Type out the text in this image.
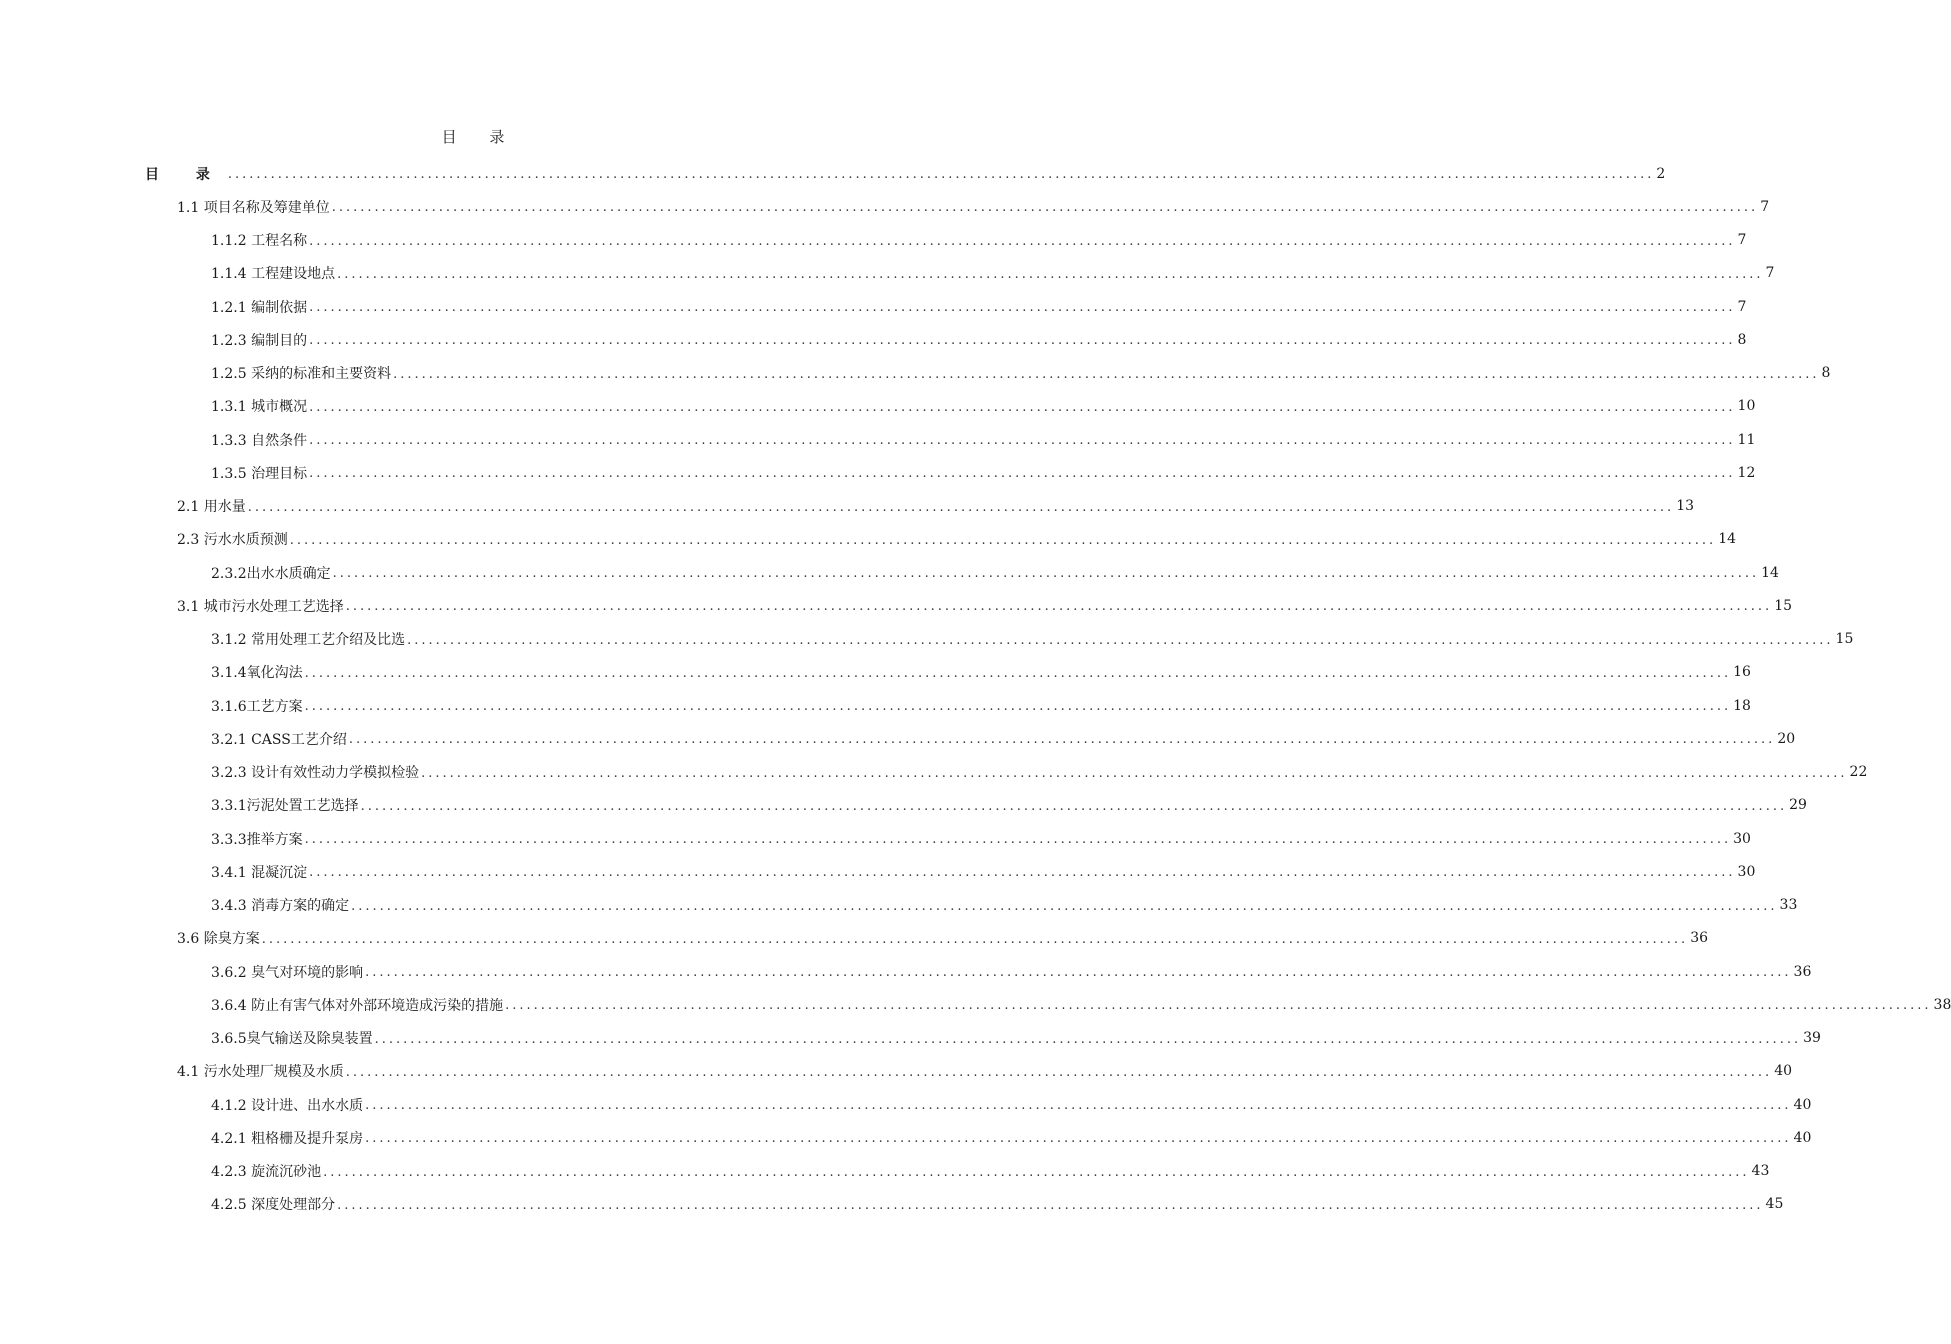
目 录
目 录 ........................................................................................................................................................................................................ 2
1.1 项目名称及筹建单位 ........................................................................................................................................................................................................ 7
1.1.2 工程名称 ........................................................................................................................................................................................................ 7
1.1.4 工程建设地点 ........................................................................................................................................................................................................ 7
1.2.1 编制依据 ........................................................................................................................................................................................................ 7
1.2.3 编制目的 ........................................................................................................................................................................................................ 8
1.2.5 采纳的标准和主要资料 ........................................................................................................................................................................................................ 8
1.3.1 城市概况 ........................................................................................................................................................................................................ 10
1.3.3 自然条件 ........................................................................................................................................................................................................ 11
1.3.5 治理目标 ........................................................................................................................................................................................................ 12
2.1 用水量 ........................................................................................................................................................................................................ 13
2.3 污水水质预测 ........................................................................................................................................................................................................ 14
2.3.2出水水质确定 ........................................................................................................................................................................................................ 14
3.1 城市污水处理工艺选择 ........................................................................................................................................................................................................ 15
3.1.2 常用处理工艺介绍及比选 ........................................................................................................................................................................................................ 15
3.1.4氧化沟法 ........................................................................................................................................................................................................ 16
3.1.6工艺方案 ........................................................................................................................................................................................................ 18
3.2.1 CASS工艺介绍 ........................................................................................................................................................................................................ 20
3.2.3 设计有效性动力学模拟检验 ........................................................................................................................................................................................................ 22
3.3.1污泥处置工艺选择 ........................................................................................................................................................................................................ 29
3.3.3推举方案 ........................................................................................................................................................................................................ 30
3.4.1 混凝沉淀 ........................................................................................................................................................................................................ 30
3.4.3 消毒方案的确定 ........................................................................................................................................................................................................ 33
3.6 除臭方案 ........................................................................................................................................................................................................ 36
3.6.2 臭气对环境的影响 ........................................................................................................................................................................................................ 36
3.6.4 防止有害气体对外部环境造成污染的措施 ........................................................................................................................................................................................................ 38
3.6.5臭气输送及除臭装置 ........................................................................................................................................................................................................ 39
4.1 污水处理厂规模及水质 ........................................................................................................................................................................................................ 40
4.1.2 设计进、出水水质 ........................................................................................................................................................................................................ 40
4.2.1 粗格栅及提升泵房 ........................................................................................................................................................................................................ 40
4.2.3 旋流沉砂池 ........................................................................................................................................................................................................ 43
4.2.5 深度处理部分 ........................................................................................................................................................................................................ 45
